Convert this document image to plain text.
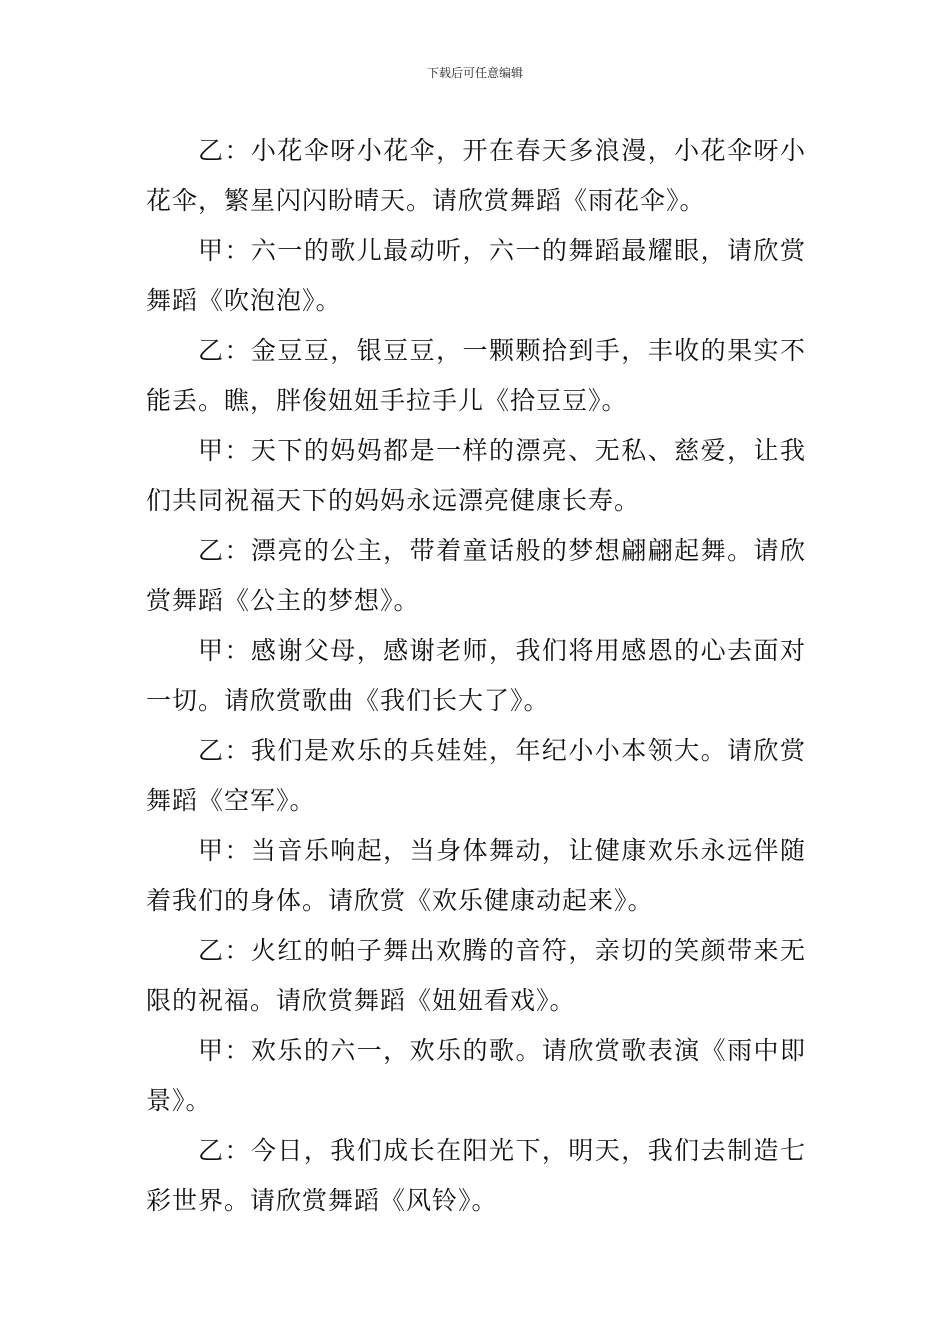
下载后可任意编辑

乙：小花伞呀小花伞，开在春天多浪漫，小花伞呀小花伞，繁星闪闪盼晴天。请欣赏舞蹈《雨花伞》。

甲：六一的歌儿最动听，六一的舞蹈最耀眼，请欣赏舞蹈《吹泡泡》。

乙：金豆豆，银豆豆，一颗颗拾到手，丰收的果实不能丢。瞧，胖俊妞妞手拉手儿《拾豆豆》。

甲：天下的妈妈都是一样的漂亮、无私、慈爱，让我们共同祝福天下的妈妈永远漂亮健康长寿。

乙：漂亮的公主，带着童话般的梦想翩翩起舞。请欣赏舞蹈《公主的梦想》。

甲：感谢父母，感谢老师，我们将用感恩的心去面对一切。请欣赏歌曲《我们长大了》。

乙：我们是欢乐的兵娃娃，年纪小小本领大。请欣赏舞蹈《空军》。

甲：当音乐响起，当身体舞动，让健康欢乐永远伴随着我们的身体。请欣赏《欢乐健康动起来》。

乙：火红的帕子舞出欢腾的音符，亲切的笑颜带来无限的祝福。请欣赏舞蹈《妞妞看戏》。

甲：欢乐的六一，欢乐的歌。请欣赏歌表演《雨中即景》。

乙：今日，我们成长在阳光下，明天，我们去制造七彩世界。请欣赏舞蹈《风铃》。
